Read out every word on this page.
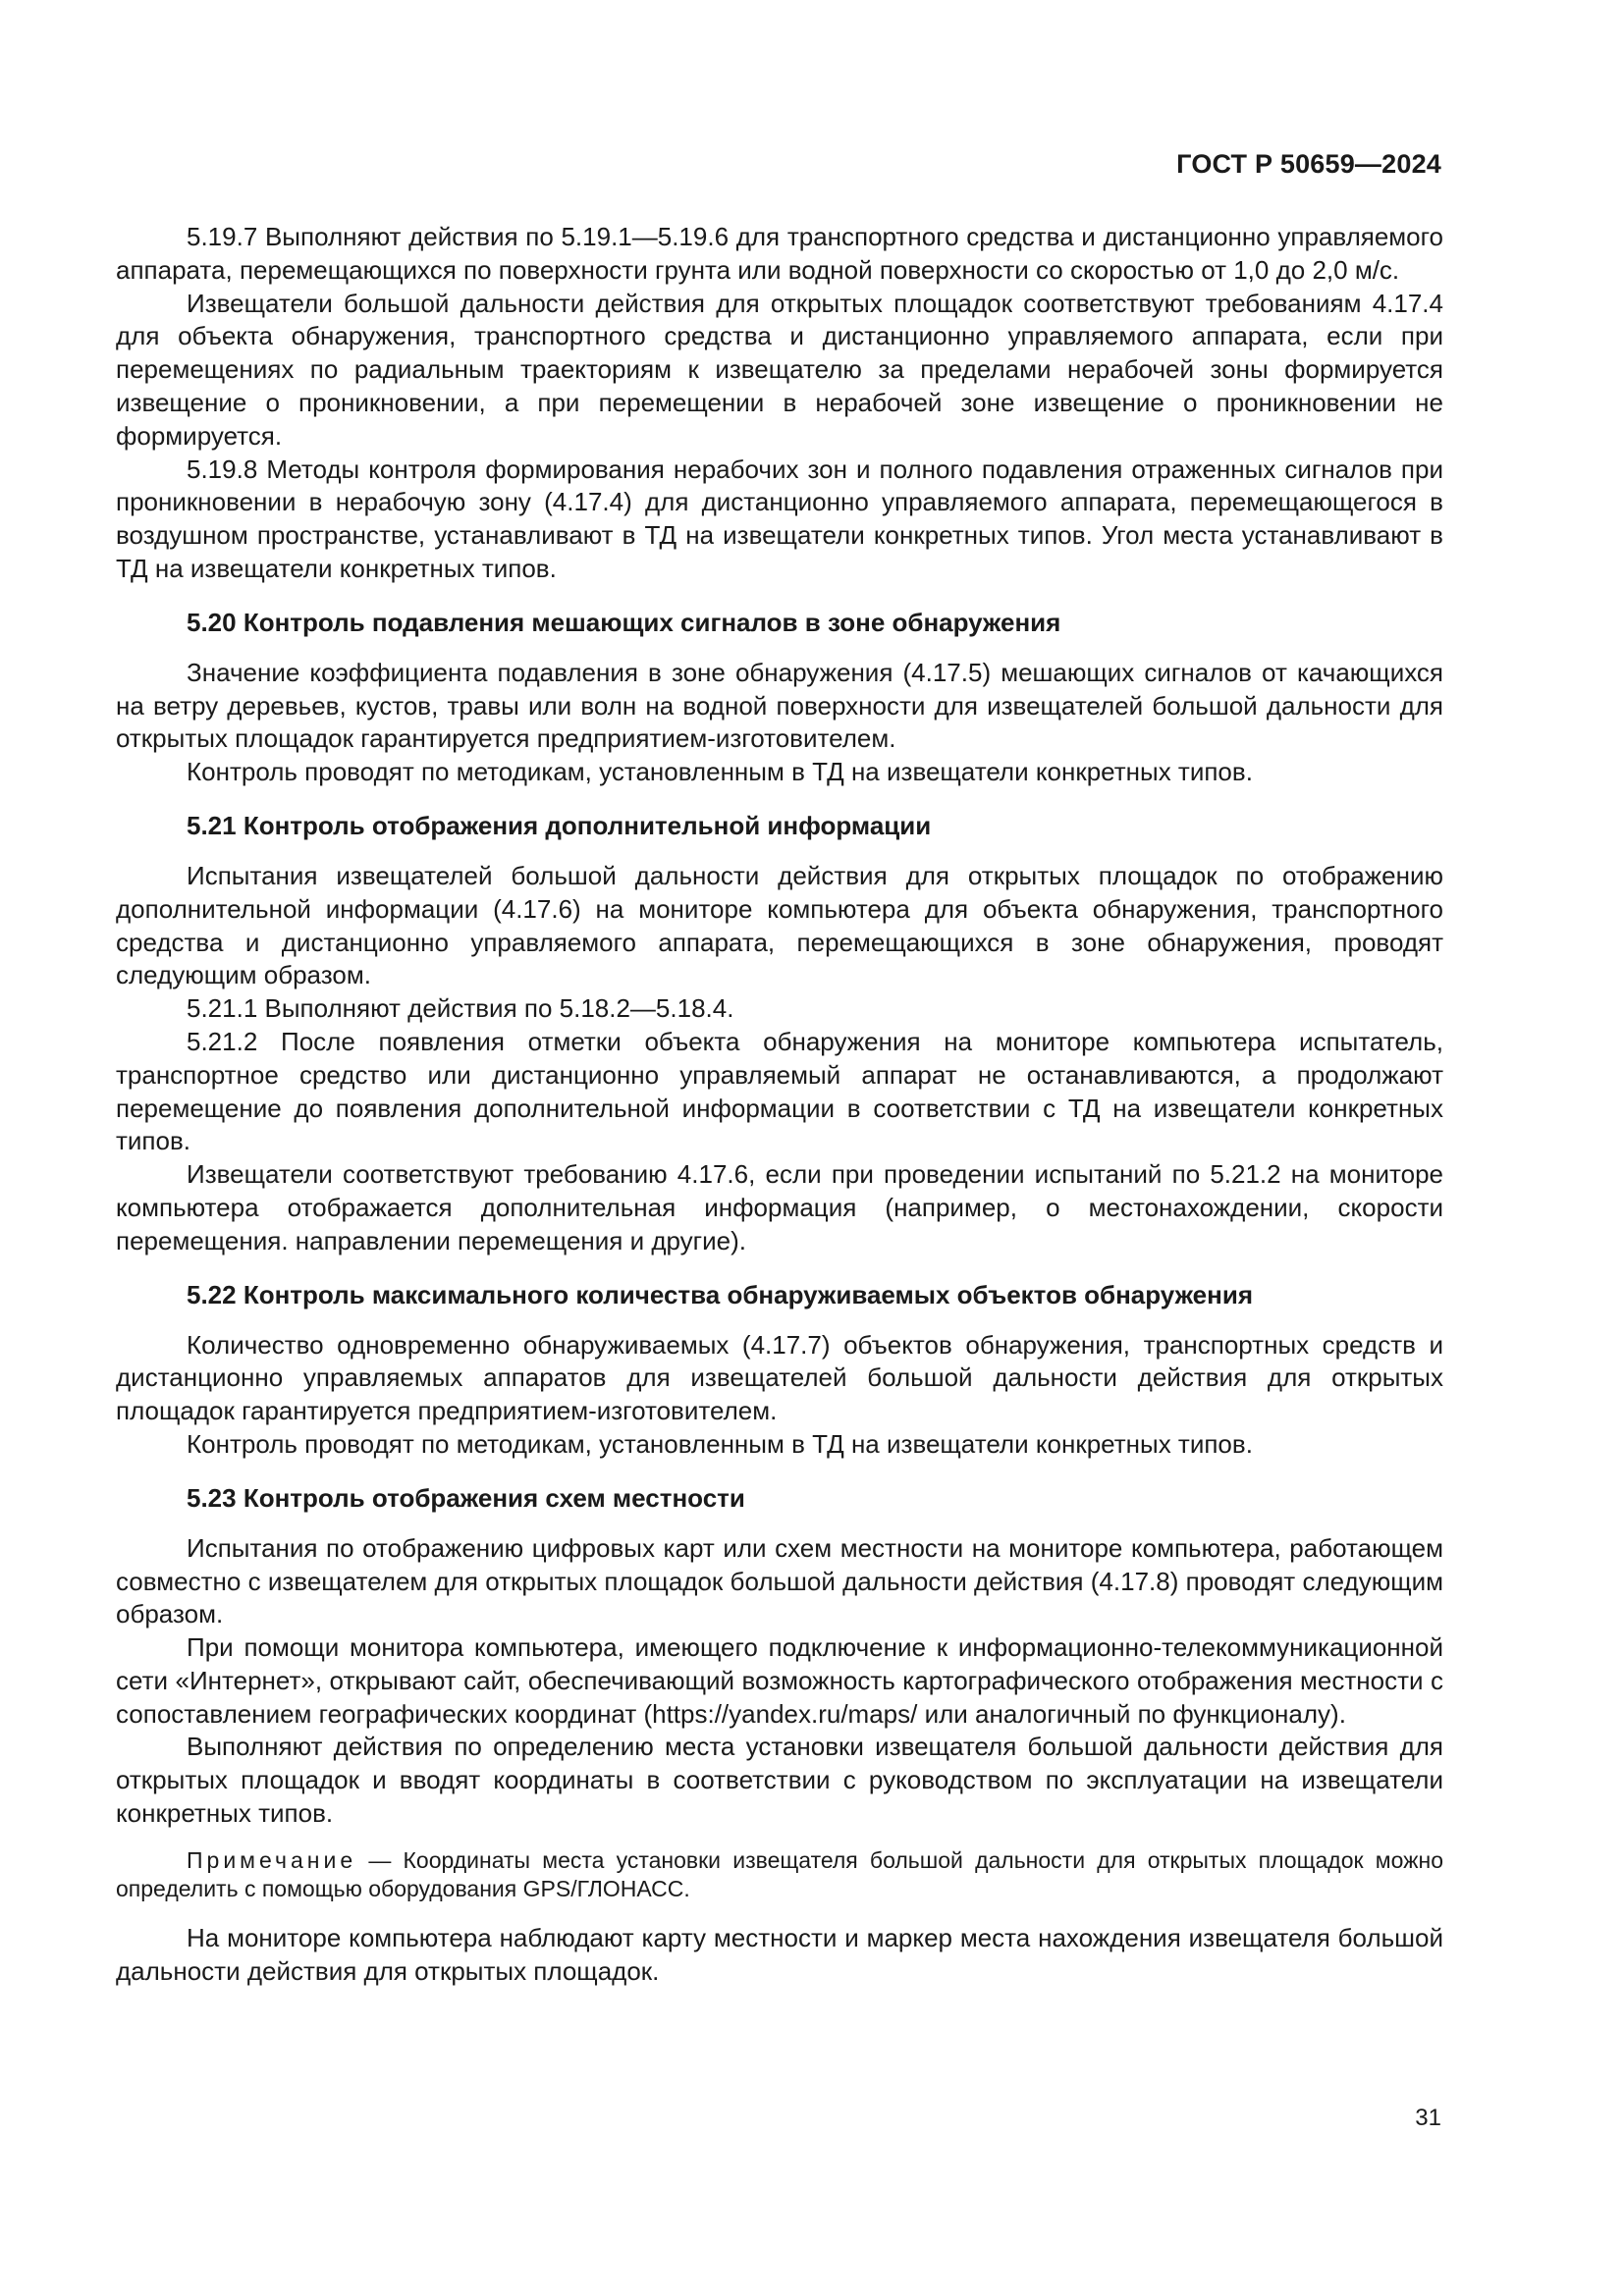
ГОСТ Р 50659—2024

5.19.7 Выполняют действия по 5.19.1—5.19.6 для транспортного средства и дистанционно управляемого аппарата, перемещающихся по поверхности грунта или водной поверхности со скоростью от 1,0 до 2,0 м/с.

Извещатели большой дальности действия для открытых площадок соответствуют требованиям 4.17.4 для объекта обнаружения, транспортного средства и дистанционно управляемого аппарата, если при перемещениях по радиальным траекториям к извещателю за пределами нерабочей зоны формируется извещение о проникновении, а при перемещении в нерабочей зоне извещение о проникновении не формируется.

5.19.8 Методы контроля формирования нерабочих зон и полного подавления отраженных сигналов при проникновении в нерабочую зону (4.17.4) для дистанционно управляемого аппарата, перемещающегося в воздушном пространстве, устанавливают в ТД на извещатели конкретных типов. Угол места устанавливают в ТД на извещатели конкретных типов.

5.20 Контроль подавления мешающих сигналов в зоне обнаружения

Значение коэффициента подавления в зоне обнаружения (4.17.5) мешающих сигналов от качающихся на ветру деревьев, кустов, травы или волн на водной поверхности для извещателей большой дальности для открытых площадок гарантируется предприятием-изготовителем.

Контроль проводят по методикам, установленным в ТД на извещатели конкретных типов.

5.21 Контроль отображения дополнительной информации

Испытания извещателей большой дальности действия для открытых площадок по отображению дополнительной информации (4.17.6) на мониторе компьютера для объекта обнаружения, транспортного средства и дистанционно управляемого аппарата, перемещающихся в зоне обнаружения, проводят следующим образом.

5.21.1 Выполняют действия по 5.18.2—5.18.4.

5.21.2 После появления отметки объекта обнаружения на мониторе компьютера испытатель, транспортное средство или дистанционно управляемый аппарат не останавливаются, а продолжают перемещение до появления дополнительной информации в соответствии с ТД на извещатели конкретных типов.

Извещатели соответствуют требованию 4.17.6, если при проведении испытаний по 5.21.2 на мониторе компьютера отображается дополнительная информация (например, о местонахождении, скорости перемещения. направлении перемещения и другие).

5.22 Контроль максимального количества обнаруживаемых объектов обнаружения

Количество одновременно обнаруживаемых (4.17.7) объектов обнаружения, транспортных средств и дистанционно управляемых аппаратов для извещателей большой дальности действия для открытых площадок гарантируется предприятием-изготовителем.

Контроль проводят по методикам, установленным в ТД на извещатели конкретных типов.

5.23 Контроль отображения схем местности

Испытания по отображению цифровых карт или схем местности на мониторе компьютера, работающем совместно с извещателем для открытых площадок большой дальности действия (4.17.8) проводят следующим образом.

При помощи монитора компьютера, имеющего подключение к информационно-телекоммуникационной сети «Интернет», открывают сайт, обеспечивающий возможность картографического отображения местности с сопоставлением географических координат (https://yandex.ru/maps/ или аналогичный по функционалу).

Выполняют действия по определению места установки извещателя большой дальности действия для открытых площадок и вводят координаты в соответствии с руководством по эксплуатации на извещатели конкретных типов.

Примечание — Координаты места установки извещателя большой дальности для открытых площадок можно определить с помощью оборудования GPS/ГЛОНАСС.

На мониторе компьютера наблюдают карту местности и маркер места нахождения извещателя большой дальности действия для открытых площадок.

31
